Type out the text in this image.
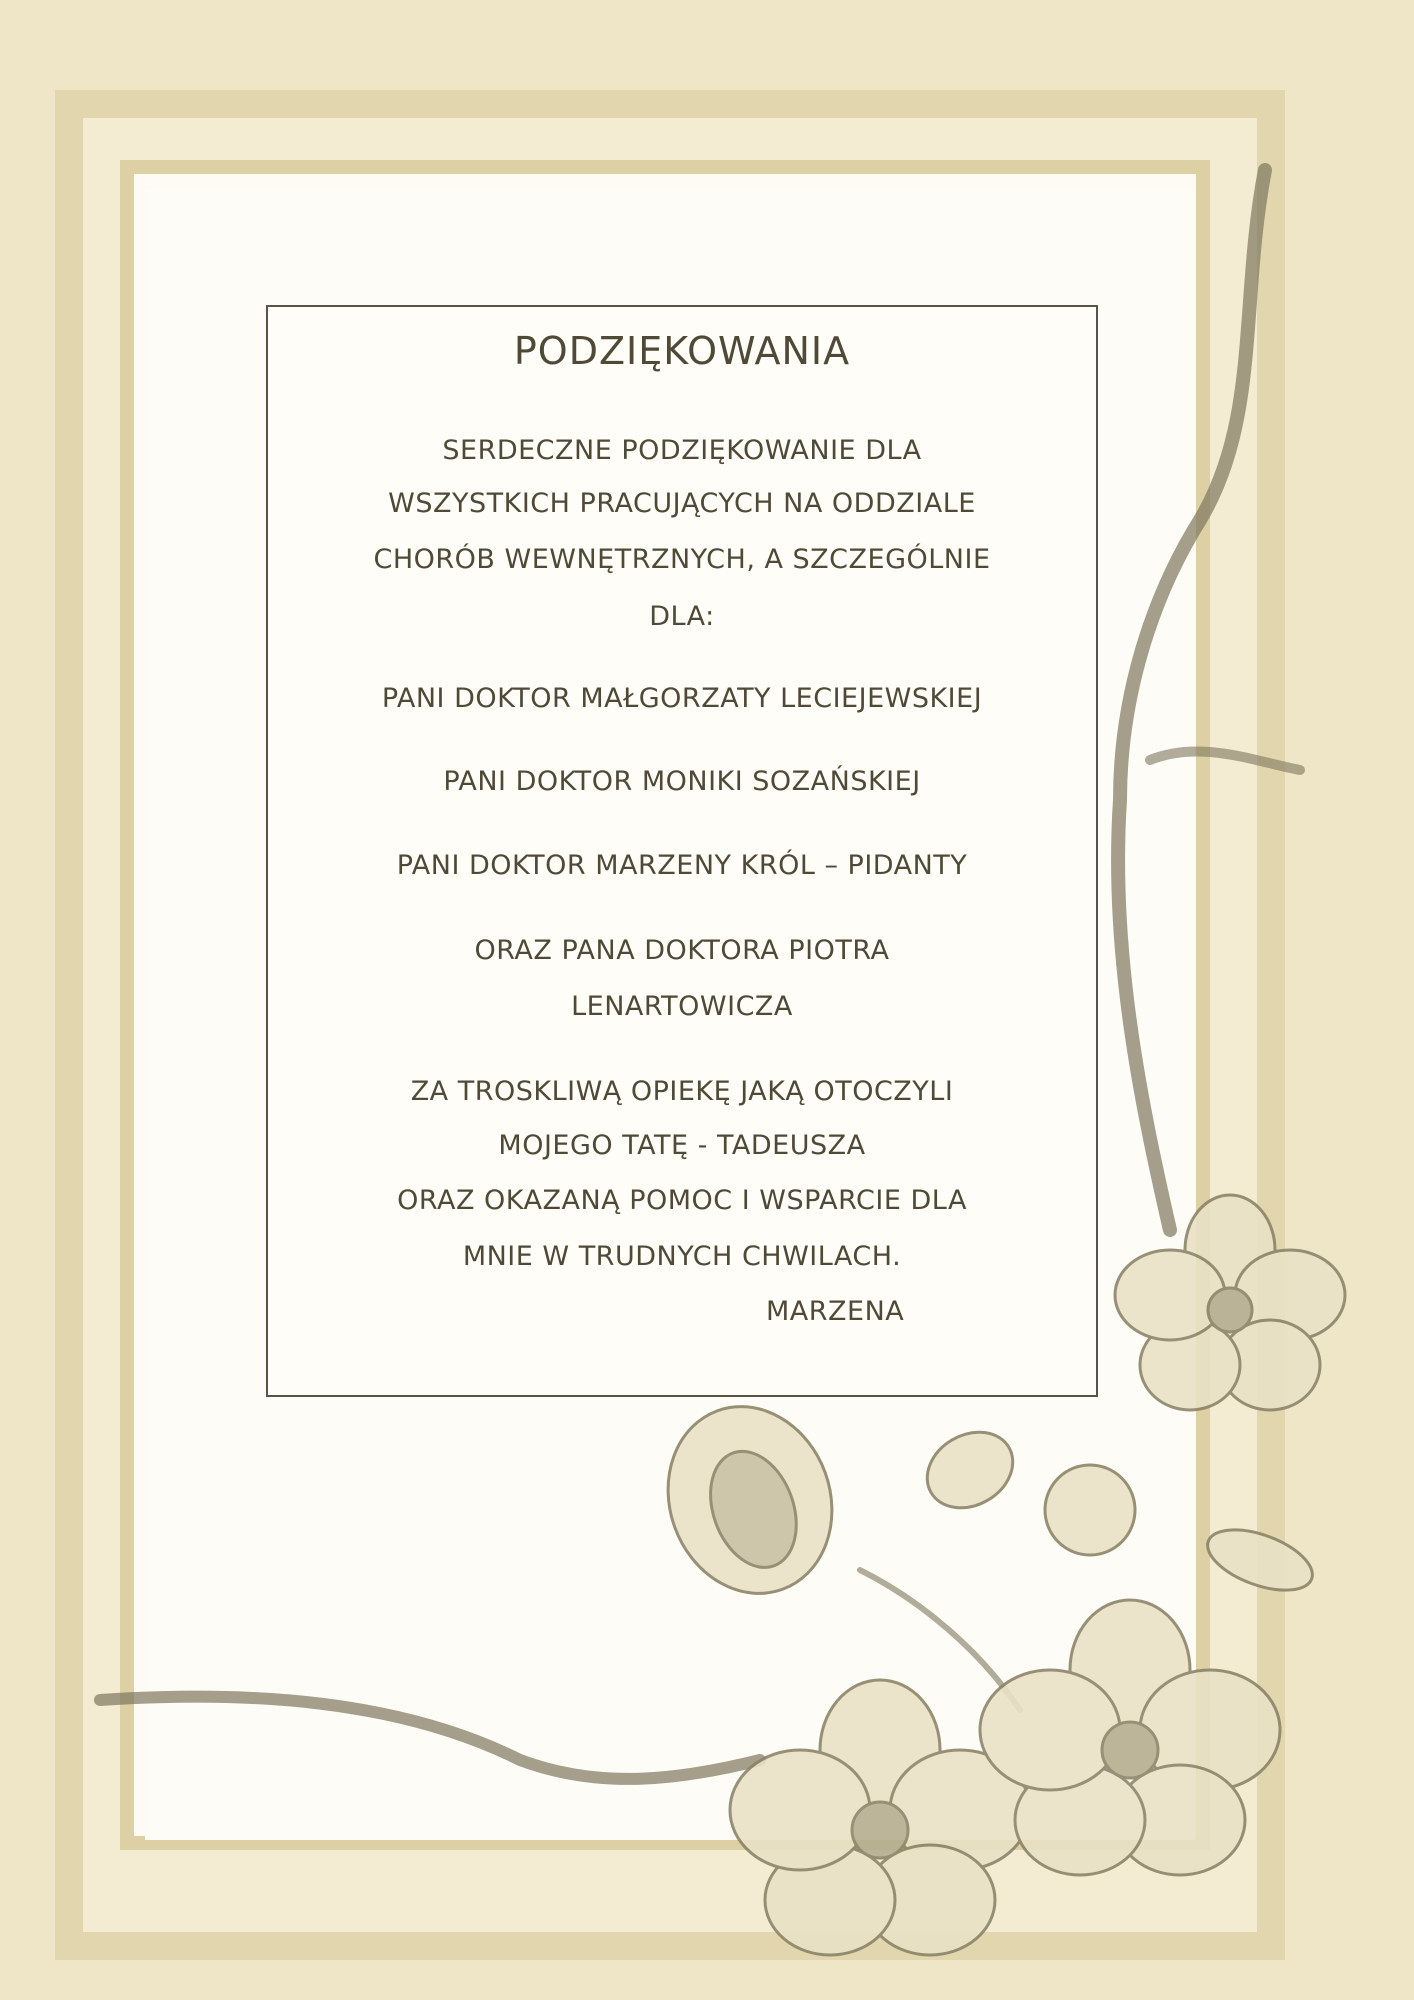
PODZIĘKOWANIA
SERDECZNE PODZIĘKOWANIE DLA
WSZYSTKICH PRACUJĄCYCH NA ODDZIALE
CHORÓB WEWNĘTRZNYCH, A SZCZEGÓLNIE
DLA:
PANI DOKTOR MAŁGORZATY LECIEJEWSKIEJ
PANI DOKTOR MONIKI SOZAŃSKIEJ
PANI DOKTOR MARZENY KRÓL – PIDANTY
ORAZ PANA DOKTORA PIOTRA
LENARTOWICZA
ZA TROSKLIWĄ OPIEKĘ JAKĄ OTOCZYLI
MOJEGO TATĘ - TADEUSZA
ORAZ OKAZANĄ POMOC I WSPARCIE DLA
MNIE W TRUDNYCH CHWILACH.
MARZENA
